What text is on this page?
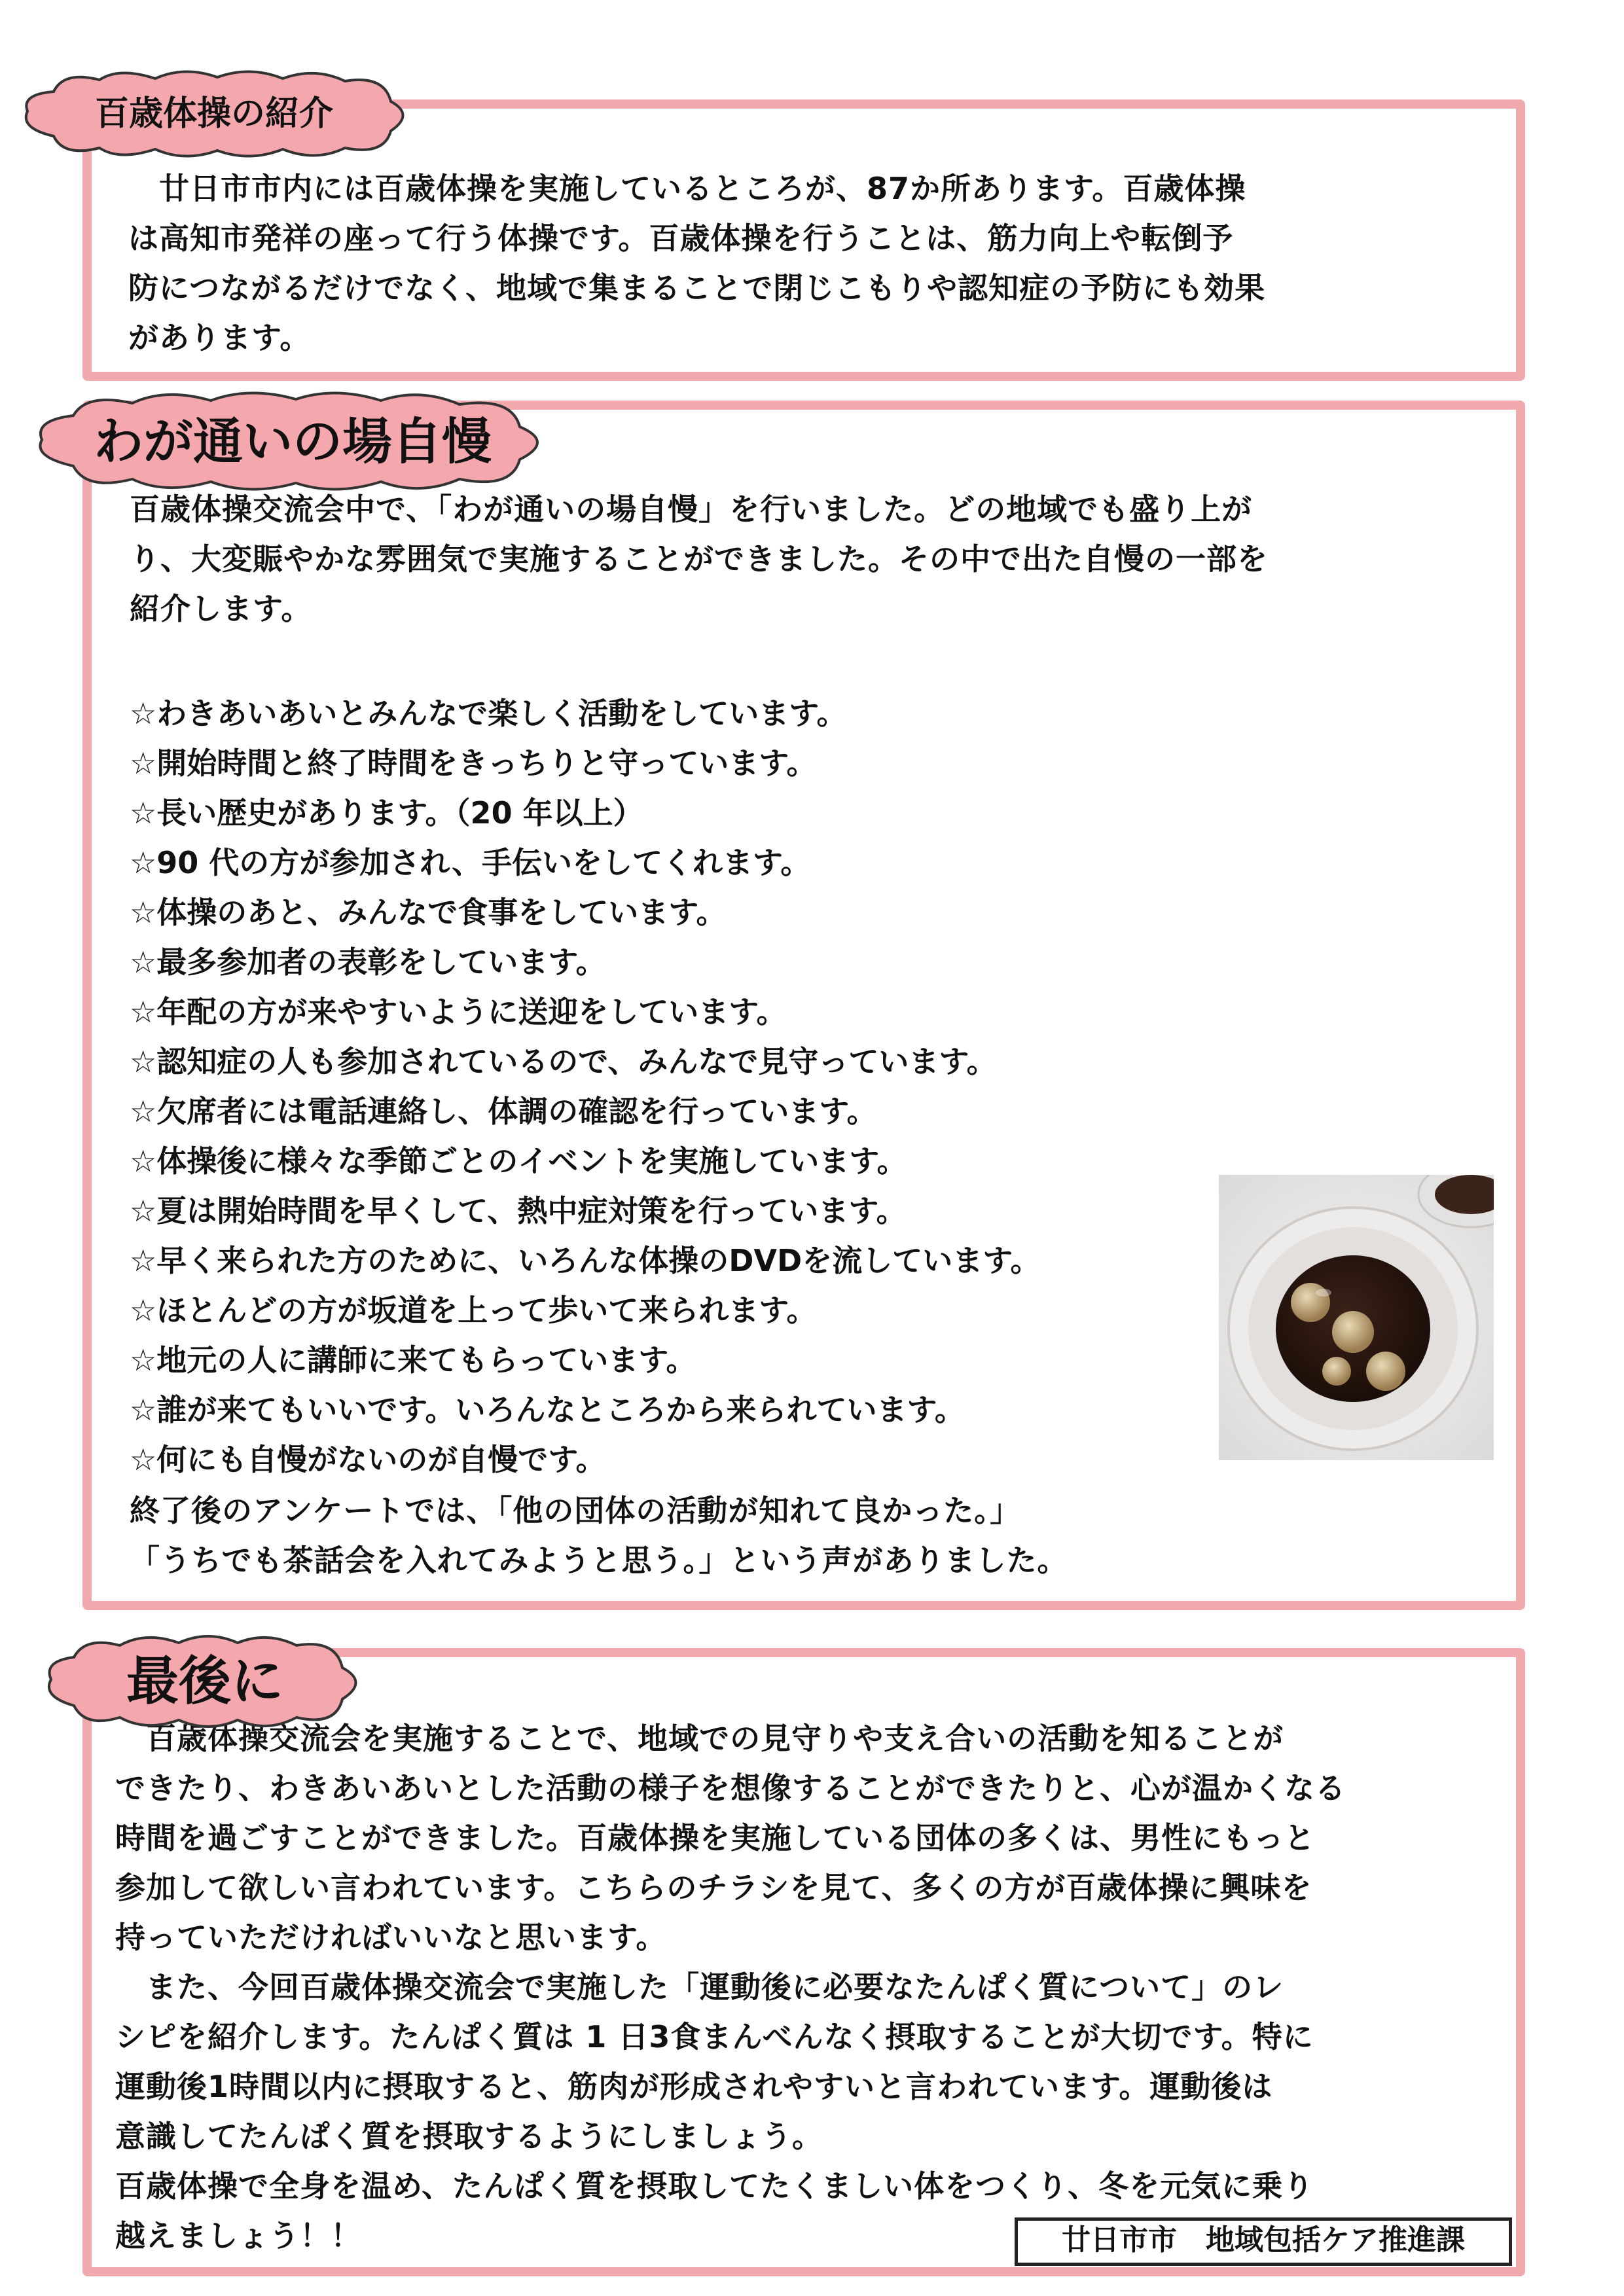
百歳体操の紹介

　廿日市市内には百歳体操を実施しているところが、87か所あります。百歳体操

は高知市発祥の座って行う体操です。百歳体操を行うことは、筋力向上や転倒予

防につながるだけでなく、地域で集まることで閉じこもりや認知症の予防にも効果

があります。

わが通いの場自慢

百歳体操交流会中で、「わが通いの場自慢」を行いました。どの地域でも盛り上が

り、大変賑やかな雰囲気で実施することができました。その中で出た自慢の一部を

紹介します。

☆わきあいあいとみんなで楽しく活動をしています。
☆開始時間と終了時間をきっちりと守っています。
☆長い歴史があります。（20 年以上）
☆90 代の方が参加され、手伝いをしてくれます。
☆体操のあと、みんなで食事をしています。
☆最多参加者の表彰をしています。
☆年配の方が来やすいように送迎をしています。
☆認知症の人も参加されているので、みんなで見守っています。
☆欠席者には電話連絡し、体調の確認を行っています。
☆体操後に様々な季節ごとのイベントを実施しています。
☆夏は開始時間を早くして、熱中症対策を行っています。
☆早く来られた方のために、いろんな体操のDVDを流しています。
☆ほとんどの方が坂道を上って歩いて来られます。
☆地元の人に講師に来てもらっています。
☆誰が来てもいいです。いろんなところから来られています。
☆何にも自慢がないのが自慢です。

終了後のアンケートでは、「他の団体の活動が知れて良かった。」

「うちでも茶話会を入れてみようと思う。」という声がありました。

最後に

　百歳体操交流会を実施することで、地域での見守りや支え合いの活動を知ることが

できたり、わきあいあいとした活動の様子を想像することができたりと、心が温かくなる

時間を過ごすことができました。百歳体操を実施している団体の多くは、男性にもっと

参加して欲しい言われています。こちらのチラシを見て、多くの方が百歳体操に興味を

持っていただければいいなと思います。

　また、今回百歳体操交流会で実施した「運動後に必要なたんぱく質について」のレ

シピを紹介します。たんぱく質は 1 日3食まんべんなく摂取することが大切です。特に

運動後1時間以内に摂取すると、筋肉が形成されやすいと言われています。運動後は

意識してたんぱく質を摂取するようにしましょう。

百歳体操で全身を温め、たんぱく質を摂取してたくましい体をつくり、冬を元気に乗り

越えましょう！！	廿日市市　地域包括ケア推進課
